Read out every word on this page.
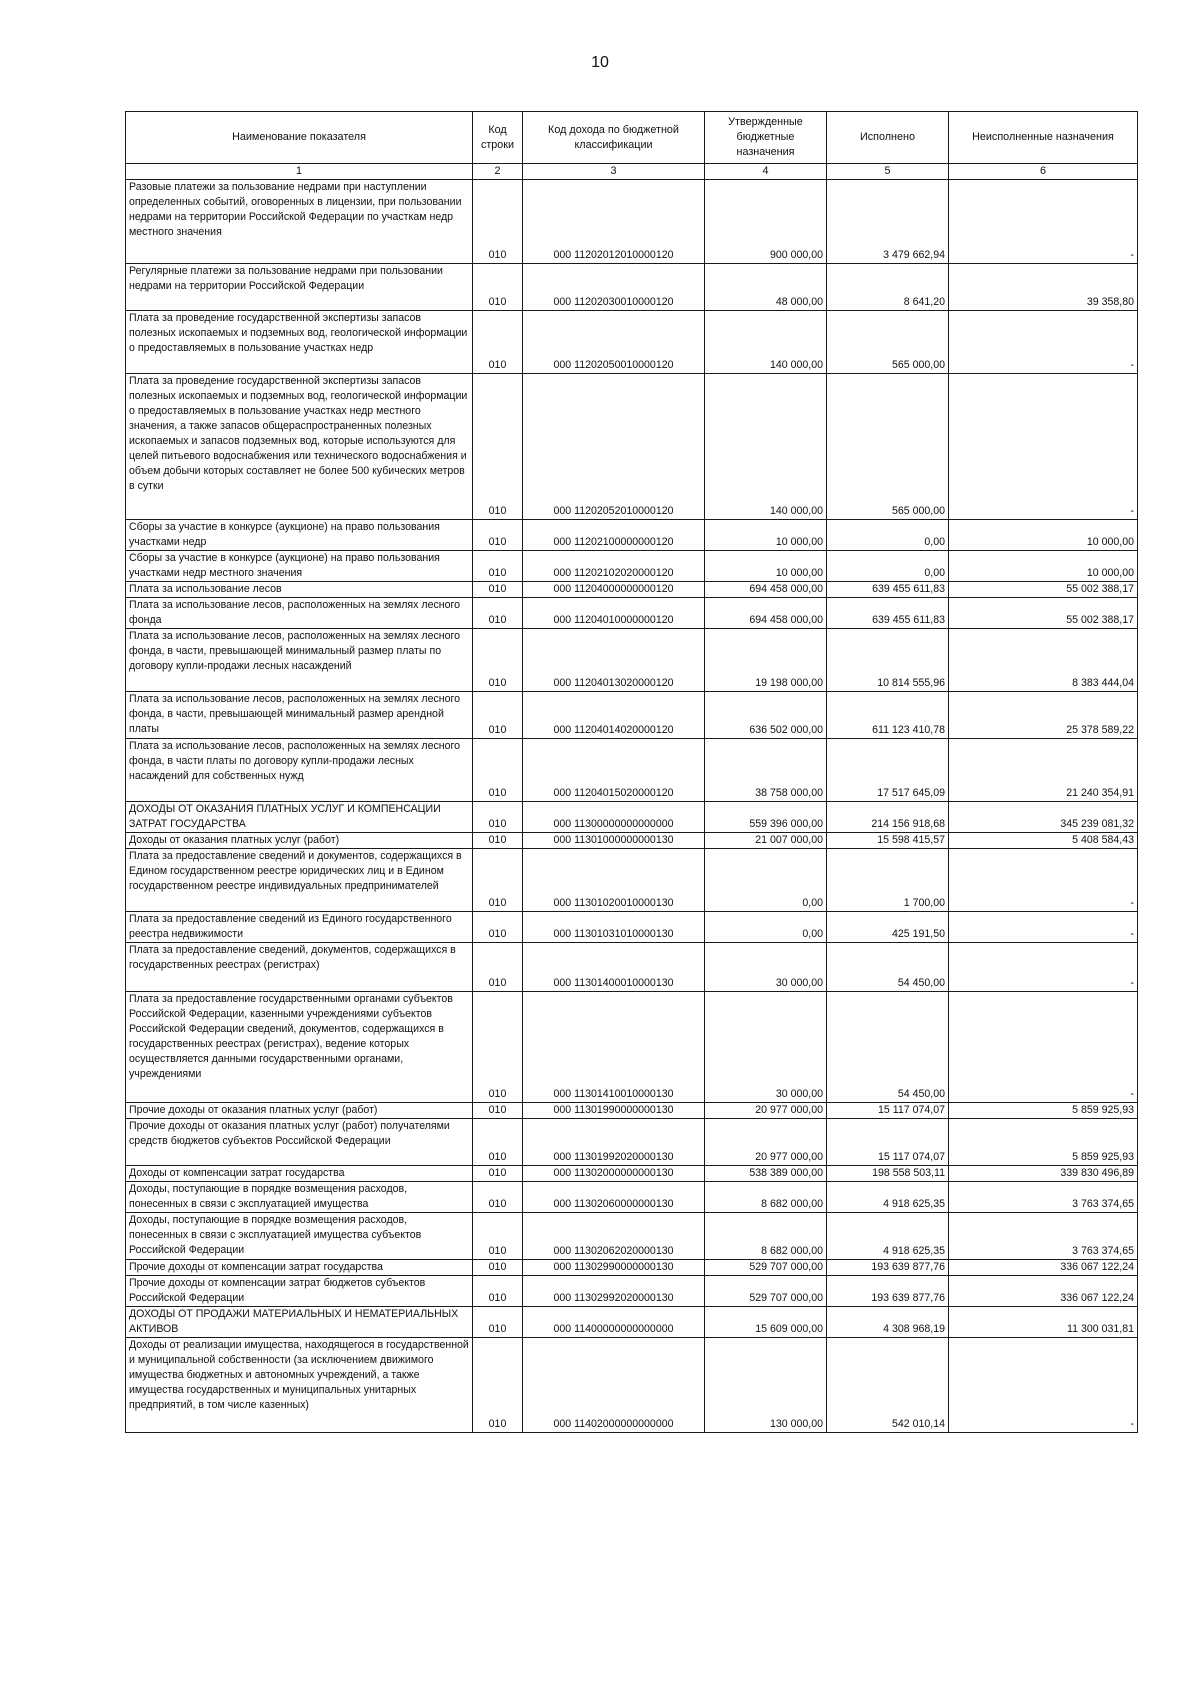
10
Наименование показателя	Код строки	Код дохода по бюджетной классификации	Утвержденные бюджетные назначения	Исполнено	Неисполненные назначения
1	2	3	4	5	6
Разовые платежи за пользование недрами при наступлении определенных событий, оговоренных в лицензии, при пользовании недрами на территории Российской Федерации по участкам недр местного значения	010	000 11202012010000120	900 000,00	3 479 662,94	-
Регулярные платежи за пользование недрами при пользовании недрами на территории Российской Федерации	010	000 11202030010000120	48 000,00	8 641,20	39 358,80
Плата за проведение государственной экспертизы запасов полезных ископаемых и подземных вод, геологической информации о предоставляемых в пользование участках недр	010	000 11202050010000120	140 000,00	565 000,00	-
Плата за проведение государственной экспертизы запасов полезных ископаемых и подземных вод, геологической информации о предоставляемых в пользование участках недр местного значения, а также запасов общераспространенных полезных ископаемых и запасов подземных вод, которые используются для целей питьевого водоснабжения или технического водоснабжения и объем добычи которых составляет не более 500 кубических метров в сутки	010	000 11202052010000120	140 000,00	565 000,00	-
Сборы за участие в конкурсе (аукционе) на право пользования участками недр	010	000 11202100000000120	10 000,00	0,00	10 000,00
Сборы за участие в конкурсе (аукционе) на право пользования участками недр местного значения	010	000 11202102020000120	10 000,00	0,00	10 000,00
Плата за использование лесов	010	000 11204000000000120	694 458 000,00	639 455 611,83	55 002 388,17
Плата за использование лесов, расположенных на землях лесного фонда	010	000 11204010000000120	694 458 000,00	639 455 611,83	55 002 388,17
Плата за использование лесов, расположенных на землях лесного фонда, в части, превышающей минимальный размер платы по договору купли-продажи лесных насаждений	010	000 11204013020000120	19 198 000,00	10 814 555,96	8 383 444,04
Плата за использование лесов, расположенных на землях лесного фонда, в части, превышающей минимальный размер арендной платы	010	000 11204014020000120	636 502 000,00	611 123 410,78	25 378 589,22
Плата за использование лесов, расположенных на землях лесного фонда, в части платы по договору купли-продажи лесных насаждений для собственных нужд	010	000 11204015020000120	38 758 000,00	17 517 645,09	21 240 354,91
ДОХОДЫ ОТ ОКАЗАНИЯ ПЛАТНЫХ УСЛУГ И КОМПЕНСАЦИИ ЗАТРАТ ГОСУДАРСТВА	010	000 11300000000000000	559 396 000,00	214 156 918,68	345 239 081,32
Доходы от оказания платных услуг (работ)	010	000 11301000000000130	21 007 000,00	15 598 415,57	5 408 584,43
Плата за предоставление сведений и документов, содержащихся в Едином государственном реестре юридических лиц и в Едином государственном реестре индивидуальных предпринимателей	010	000 11301020010000130	0,00	1 700,00	-
Плата за предоставление сведений из Единого государственного реестра недвижимости	010	000 11301031010000130	0,00	425 191,50	-
Плата за предоставление сведений, документов, содержащихся в государственных реестрах (регистрах)	010	000 11301400010000130	30 000,00	54 450,00	-
Плата за предоставление государственными органами субъектов Российской Федерации, казенными учреждениями субъектов Российской Федерации сведений, документов, содержащихся в государственных реестрах (регистрах), ведение которых осуществляется данными государственными органами, учреждениями	010	000 11301410010000130	30 000,00	54 450,00	-
Прочие доходы от оказания платных услуг (работ)	010	000 11301990000000130	20 977 000,00	15 117 074,07	5 859 925,93
Прочие доходы от оказания платных услуг (работ) получателями средств бюджетов субъектов Российской Федерации	010	000 11301992020000130	20 977 000,00	15 117 074,07	5 859 925,93
Доходы от компенсации затрат государства	010	000 11302000000000130	538 389 000,00	198 558 503,11	339 830 496,89
Доходы, поступающие в порядке возмещения расходов, понесенных в связи с эксплуатацией имущества	010	000 11302060000000130	8 682 000,00	4 918 625,35	3 763 374,65
Доходы, поступающие в порядке возмещения расходов, понесенных в связи с эксплуатацией имущества субъектов Российской Федерации	010	000 11302062020000130	8 682 000,00	4 918 625,35	3 763 374,65
Прочие доходы от компенсации затрат государства	010	000 11302990000000130	529 707 000,00	193 639 877,76	336 067 122,24
Прочие доходы от компенсации затрат бюджетов субъектов Российской Федерации	010	000 11302992020000130	529 707 000,00	193 639 877,76	336 067 122,24
ДОХОДЫ ОТ ПРОДАЖИ МАТЕРИАЛЬНЫХ И НЕМАТЕРИАЛЬНЫХ АКТИВОВ	010	000 11400000000000000	15 609 000,00	4 308 968,19	11 300 031,81
Доходы от реализации имущества, находящегося в государственной и муниципальной собственности (за исключением движимого имущества бюджетных и автономных учреждений, а также имущества государственных и муниципальных унитарных предприятий, в том числе казенных)	010	000 11402000000000000	130 000,00	542 010,14	-
